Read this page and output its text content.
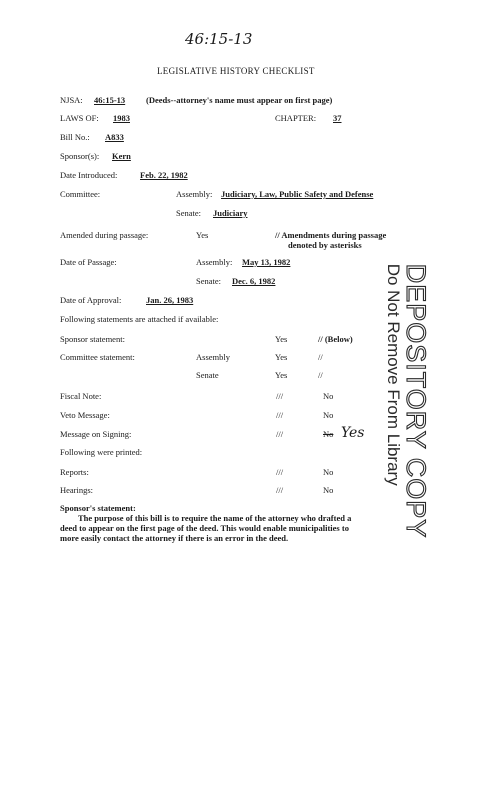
46:15-13
LEGISLATIVE HISTORY CHECKLIST
NJSA: 46:15-13 (Deeds--attorney's name must appear on first page)
LAWS OF: 1983	CHAPTER: 37
Bill No.: A833
Sponsor(s): Kern
Date Introduced:	Feb. 22, 1982
Committee:	Assembly: Judiciary, Law, Public Safety and Defense
Senate: Judiciary
Amended during passage:	Yes	// Amendments during passage
denoted by asterisks
Date of Passage:	Assembly: May 13, 1982
Senate: Dec. 6, 1982
Date of Approval:	Jan. 26, 1983
Following statements are attached if available:
Sponsor statement:	Yes	// (Below)
Committee statement:	Assembly	Yes	//
Senate	Yes	//
Fiscal Note:	///	No
Veto Message:	///	No
Message on Signing:	///	No Yes
Following were printed:
Reports:	///	No
Hearings:	///	No
Sponsor's statement:
The purpose of this bill is to require the name of the attorney who drafted a
deed to appear on the first page of the deed. This would enable municipalities to
more easily contact the attorney if there is an error in the deed.	DEPOSITORY COPY
Do Not Remove From Library
